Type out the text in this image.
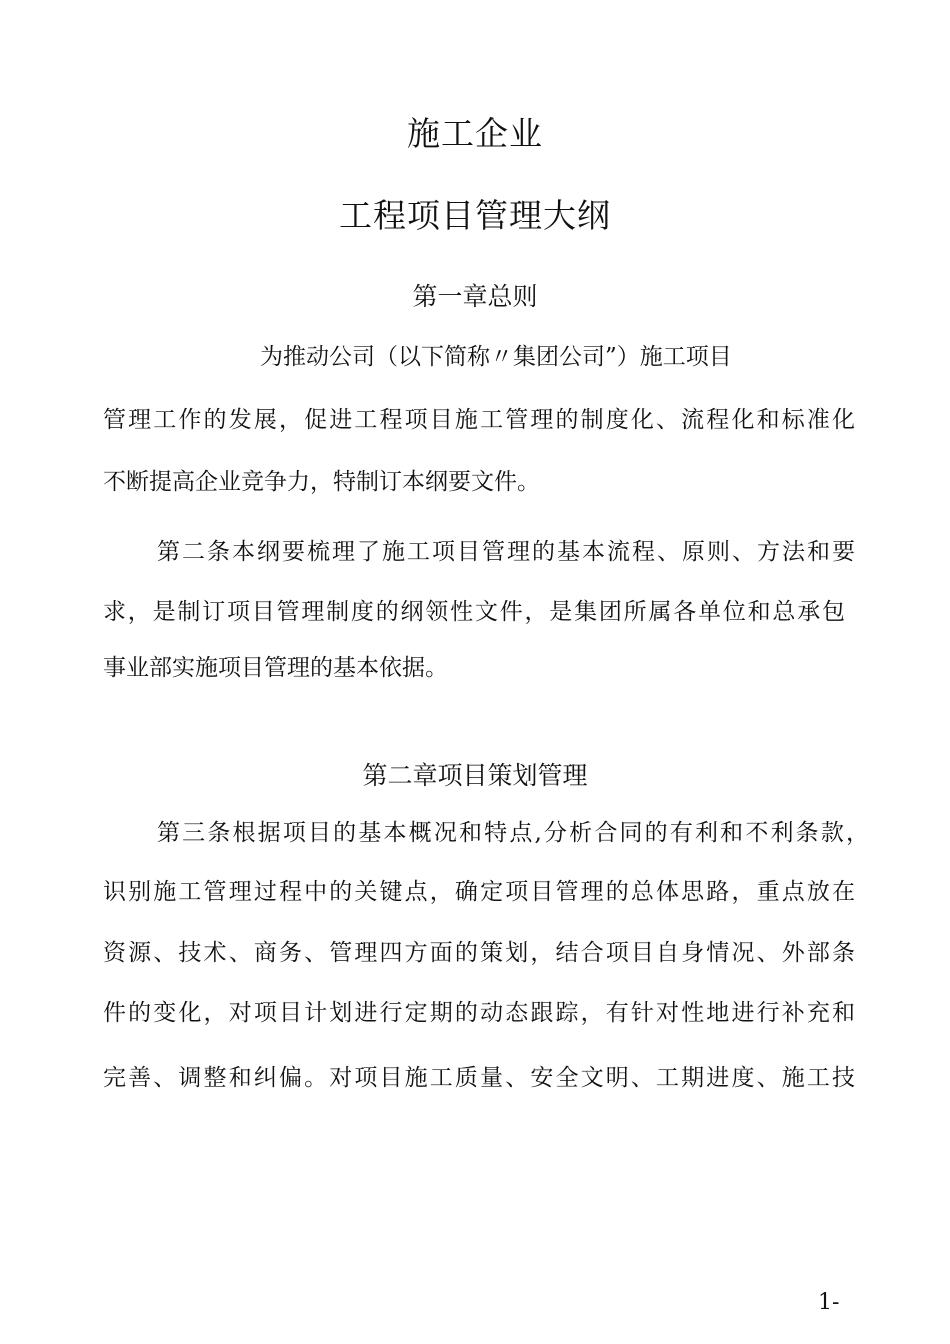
施工企业
工程项目管理大纲
第一章总则
为推动公司（以下简称〃集团公司”）施工项目
管理工作的发展，促进工程项目施工管理的制度化、流程化和标准化
不断提高企业竞争力，特制订本纲要文件。
第二条本纲要梳理了施工项目管理的基本流程、原则、方法和要
求，是制订项目管理制度的纲领性文件，是集团所属各单位和总承包
事业部实施项目管理的基本依据。
第二章项目策划管理
第三条根据项目的基本概况和特点,分析合同的有利和不利条款，
识别施工管理过程中的关键点，确定项目管理的总体思路，重点放在
资源、技术、商务、管理四方面的策划，结合项目自身情况、外部条
件的变化，对项目计划进行定期的动态跟踪，有针对性地进行补充和
完善、调整和纠偏。对项目施工质量、安全文明、工期进度、施工技
1-
